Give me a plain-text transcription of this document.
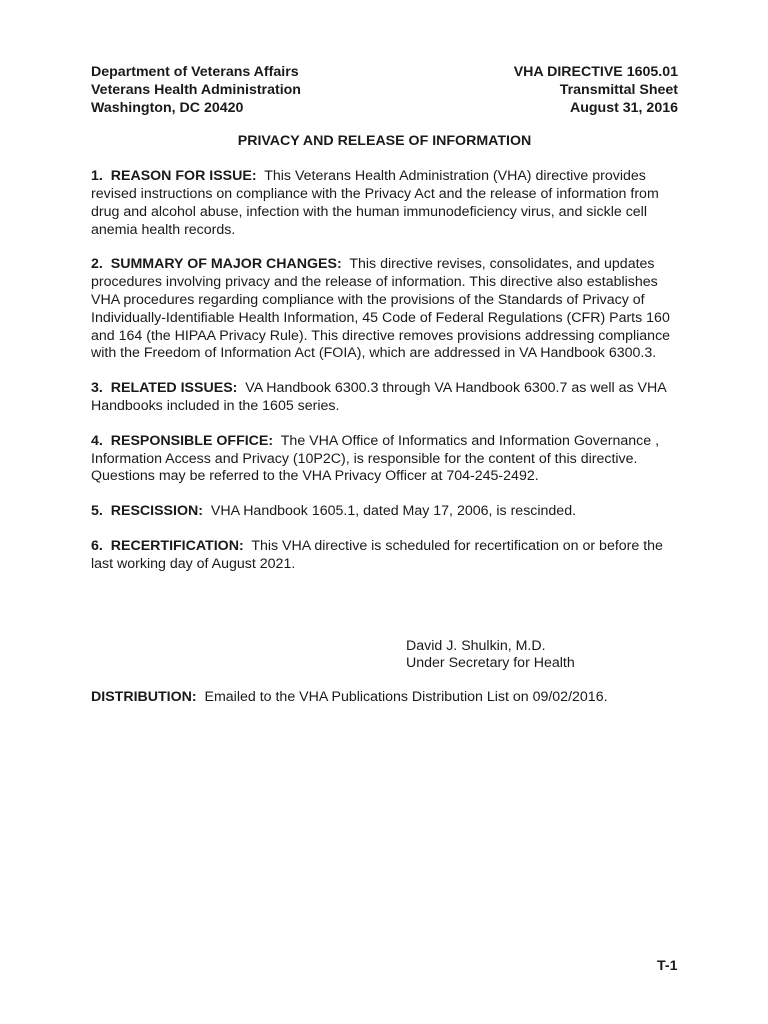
Department of Veterans Affairs
Veterans Health Administration
Washington, DC 20420
VHA DIRECTIVE 1605.01
Transmittal Sheet
August 31, 2016
PRIVACY AND RELEASE OF INFORMATION
1. REASON FOR ISSUE: This Veterans Health Administration (VHA) directive provides revised instructions on compliance with the Privacy Act and the release of information from drug and alcohol abuse, infection with the human immunodeficiency virus, and sickle cell anemia health records.
2. SUMMARY OF MAJOR CHANGES: This directive revises, consolidates, and updates procedures involving privacy and the release of information. This directive also establishes VHA procedures regarding compliance with the provisions of the Standards of Privacy of Individually-Identifiable Health Information, 45 Code of Federal Regulations (CFR) Parts 160 and 164 (the HIPAA Privacy Rule). This directive removes provisions addressing compliance with the Freedom of Information Act (FOIA), which are addressed in VA Handbook 6300.3.
3. RELATED ISSUES: VA Handbook 6300.3 through VA Handbook 6300.7 as well as VHA Handbooks included in the 1605 series.
4. RESPONSIBLE OFFICE: The VHA Office of Informatics and Information Governance , Information Access and Privacy (10P2C), is responsible for the content of this directive. Questions may be referred to the VHA Privacy Officer at 704-245-2492.
5. RESCISSION: VHA Handbook 1605.1, dated May 17, 2006, is rescinded.
6. RECERTIFICATION: This VHA directive is scheduled for recertification on or before the last working day of August 2021.
David J. Shulkin, M.D.
Under Secretary for Health
DISTRIBUTION: Emailed to the VHA Publications Distribution List on 09/02/2016.
T-1
